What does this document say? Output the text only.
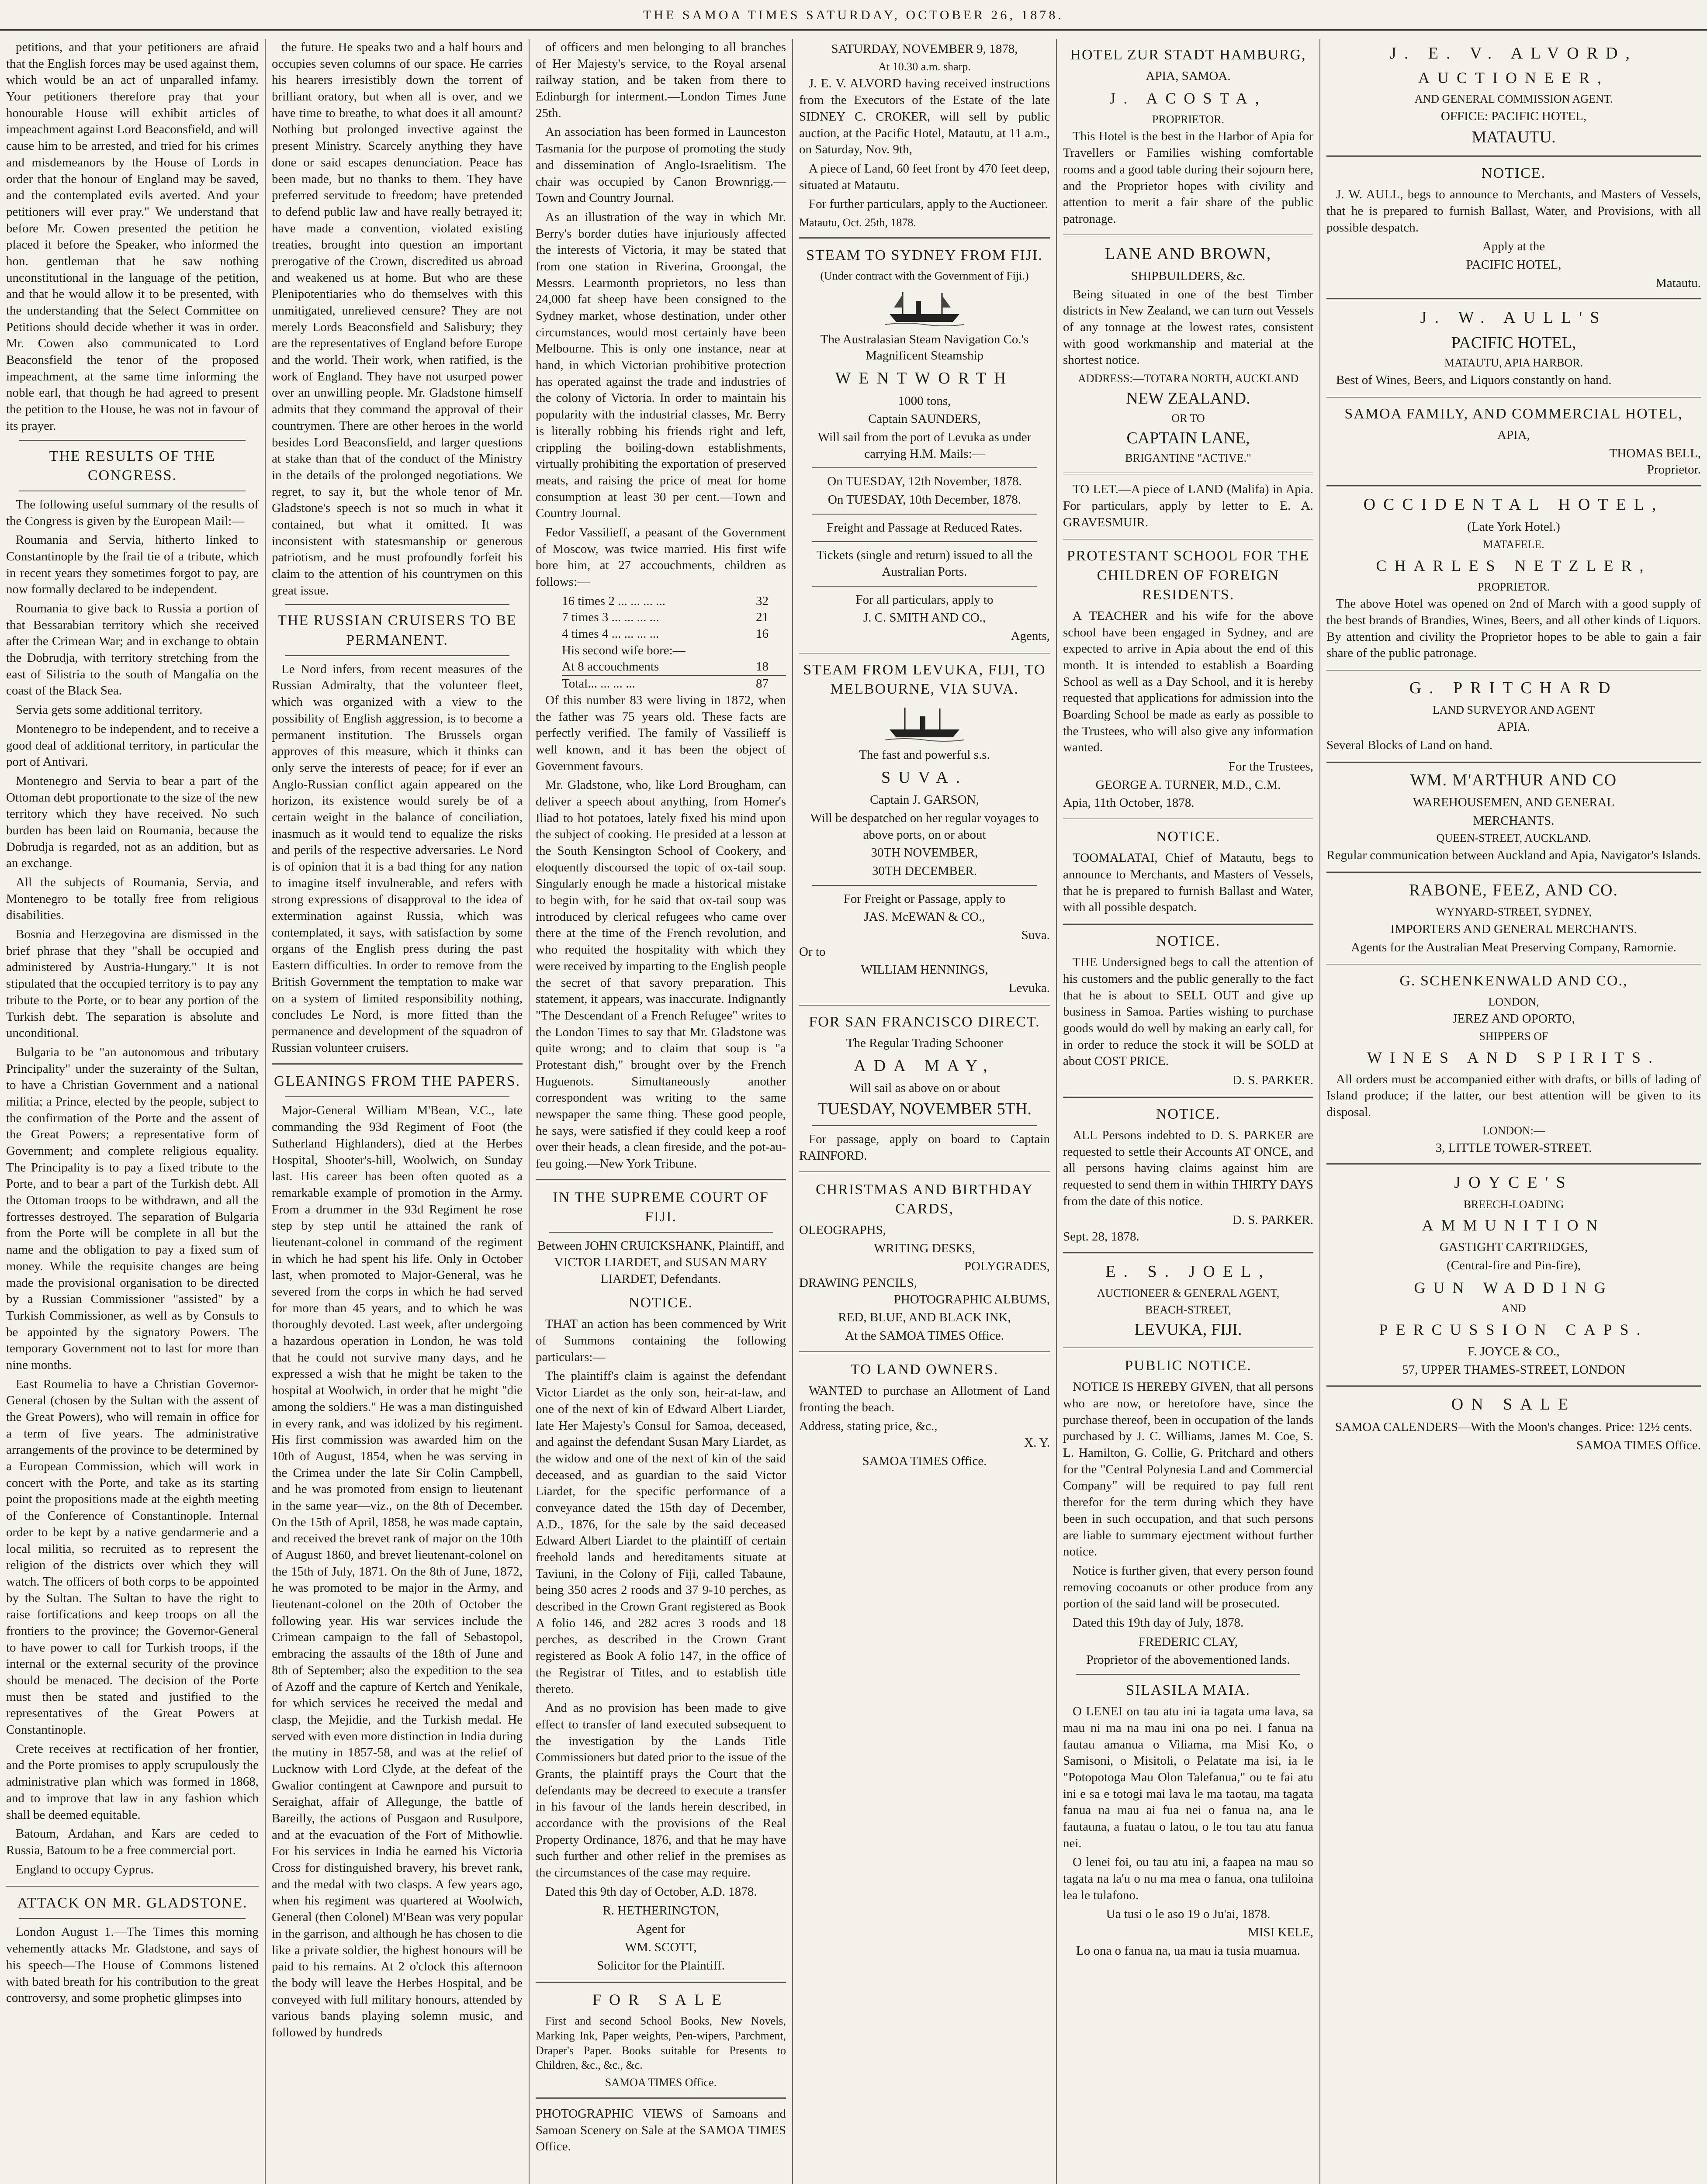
THE SAMOA TIMES SATURDAY, OCTOBER 26, 1878.

petitions, and that your petitioners are afraid that the English forces may be used against them, which would be an act of unparalled infamy. Your petitioners therefore pray that your honourable House will exhibit articles of impeachment against Lord Beaconsfield, and will cause him to be arrested, and tried for his crimes and misdemeanors by the House of Lords in order that the honour of England may be saved, and the contemplated evils averted. And your petitioners will ever pray." We understand that before Mr. Cowen presented the petition he placed it before the Speaker, who informed the hon. gentleman that he saw nothing unconstitutional in the language of the petition, and that he would allow it to be presented, with the understanding that the Select Committee on Petitions should decide whether it was in order. Mr. Cowen also communicated to Lord Beaconsfield the tenor of the proposed impeachment, at the same time informing the noble earl, that though he had agreed to present the petition to the House, he was not in favour of its prayer.

THE RESULTS OF THE CONGRESS.

The following useful summary of the results of the Congress is given by the European Mail:—

Roumania and Servia, hitherto linked to Constantinople by the frail tie of a tribute, which in recent years they sometimes forgot to pay, are now formally declared to be independent.

Roumania to give back to Russia a portion of that Bessarabian territory which she received after the Crimean War; and in exchange to obtain the Dobrudja, with territory stretching from the east of Silistria to the south of Mangalia on the coast of the Black Sea.

Servia gets some additional territory.

Montenegro to be independent, and to receive a good deal of additional territory, in particular the port of Antivari.

Montenegro and Servia to bear a part of the Ottoman debt proportionate to the size of the new territory which they have received. No such burden has been laid on Roumania, because the Dobrudja is regarded, not as an addition, but as an exchange.

All the subjects of Roumania, Servia, and Montenegro to be totally free from religious disabilities.

Bosnia and Herzegovina are dismissed in the brief phrase that they "shall be occupied and administered by Austria-Hungary." It is not stipulated that the occupied territory is to pay any tribute to the Porte, or to bear any portion of the Turkish debt. The separation is absolute and unconditional.

Bulgaria to be "an autonomous and tributary Principality" under the suzerainty of the Sultan, to have a Christian Government and a national militia; a Prince, elected by the people, subject to the confirmation of the Porte and the assent of the Great Powers; a representative form of Government; and complete religious equality. The Principality is to pay a fixed tribute to the Porte, and to bear a part of the Turkish debt. All the Ottoman troops to be withdrawn, and all the fortresses destroyed. The separation of Bulgaria from the Porte will be complete in all but the name and the obligation to pay a fixed sum of money. While the requisite changes are being made the provisional organisation to be directed by a Russian Commissioner "assisted" by a Turkish Commissioner, as well as by Consuls to be appointed by the signatory Powers. The temporary Government not to last for more than nine months.

East Roumelia to have a Christian Governor-General (chosen by the Sultan with the assent of the Great Powers), who will remain in office for a term of five years. The administrative arrangements of the province to be determined by a European Commission, which will work in concert with the Porte, and take as its starting point the propositions made at the eighth meeting of the Conference of Constantinople. Internal order to be kept by a native gendarmerie and a local militia, so recruited as to represent the religion of the districts over which they will watch. The officers of both corps to be appointed by the Sultan. The Sultan to have the right to raise fortifications and keep troops on all the frontiers to the province; the Governor-General to have power to call for Turkish troops, if the internal or the external security of the province should be menaced. The decision of the Porte must then be stated and justified to the representatives of the Great Powers at Constantinople.

Crete receives at rectification of her frontier, and the Porte promises to apply scrupulously the administrative plan which was formed in 1868, and to improve that law in any fashion which shall be deemed equitable.

Batoum, Ardahan, and Kars are ceded to Russia, Batoum to be a free commercial port.

England to occupy Cyprus.

ATTACK ON MR. GLADSTONE.

London August 1.—The Times this morning vehemently attacks Mr. Gladstone, and says of his speech—The House of Commons listened with bated breath for his contribution to the great controversy, and some prophetic glimpses into

the future. He speaks two and a half hours and occupies seven columns of our space. He carries his hearers irresistibly down the torrent of brilliant oratory, but when all is over, and we have time to breathe, to what does it all amount? Nothing but prolonged invective against the present Ministry. Scarcely anything they have done or said escapes denunciation. Peace has been made, but no thanks to them. They have preferred servitude to freedom; have pretended to defend public law and have really betrayed it; have made a convention, violated existing treaties, brought into question an important prerogative of the Crown, discredited us abroad and weakened us at home. But who are these Plenipotentiaries who do themselves with this unmitigated, unrelieved censure? They are not merely Lords Beaconsfield and Salisbury; they are the representatives of England before Europe and the world. Their work, when ratified, is the work of England. They have not usurped power over an unwilling people. Mr. Gladstone himself admits that they command the approval of their countrymen. There are other heroes in the world besides Lord Beaconsfield, and larger questions at stake than that of the conduct of the Ministry in the details of the prolonged negotiations. We regret, to say it, but the whole tenor of Mr. Gladstone's speech is not so much in what it contained, but what it omitted. It was inconsistent with statesmanship or generous patriotism, and he must profoundly forfeit his claim to the attention of his countrymen on this great issue.

THE RUSSIAN CRUISERS TO BE PERMANENT.

Le Nord infers, from recent measures of the Russian Admiralty, that the volunteer fleet, which was organized with a view to the possibility of English aggression, is to become a permanent institution. The Brussels organ approves of this measure, which it thinks can only serve the interests of peace; for if ever an Anglo-Russian conflict again appeared on the horizon, its existence would surely be of a certain weight in the balance of conciliation, inasmuch as it would tend to equalize the risks and perils of the respective adversaries. Le Nord is of opinion that it is a bad thing for any nation to imagine itself invulnerable, and refers with strong expressions of disapproval to the idea of extermination against Russia, which was contemplated, it says, with satisfaction by some organs of the English press during the past Eastern difficulties. In order to remove from the British Government the temptation to make war on a system of limited responsibility nothing, concludes Le Nord, is more fitted than the permanence and development of the squadron of Russian volunteer cruisers.

GLEANINGS FROM THE PAPERS.

Major-General William M'Bean, V.C., late commanding the 93d Regiment of Foot (the Sutherland Highlanders), died at the Herbes Hospital, Shooter's-hill, Woolwich, on Sunday last. His career has been often quoted as a remarkable example of promotion in the Army. From a drummer in the 93d Regiment he rose step by step until he attained the rank of lieutenant-colonel in command of the regiment in which he had spent his life. Only in October last, when promoted to Major-General, was he severed from the corps in which he had served for more than 45 years, and to which he was thoroughly devoted. Last week, after undergoing a hazardous operation in London, he was told that he could not survive many days, and he expressed a wish that he might be taken to the hospital at Woolwich, in order that he might "die among the soldiers." He was a man distinguished in every rank, and was idolized by his regiment. His first commission was awarded him on the 10th of August, 1854, when he was serving in the Crimea under the late Sir Colin Campbell, and he was promoted from ensign to lieutenant in the same year—viz., on the 8th of December. On the 15th of April, 1858, he was made captain, and received the brevet rank of major on the 10th of August 1860, and brevet lieutenant-colonel on the 15th of July, 1871. On the 8th of June, 1872, he was promoted to be major in the Army, and lieutenant-colonel on the 20th of October the following year. His war services include the Crimean campaign to the fall of Sebastopol, embracing the assaults of the 18th of June and 8th of September; also the expedition to the sea of Azoff and the capture of Kertch and Yenikale, for which services he received the medal and clasp, the Mejidie, and the Turkish medal. He served with even more distinction in India during the mutiny in 1857-58, and was at the relief of Lucknow with Lord Clyde, at the defeat of the Gwalior contingent at Cawnpore and pursuit to Seraighat, affair of Allegunge, the battle of Bareilly, the actions of Pusgaon and Rusulpore, and at the evacuation of the Fort of Mithowlie. For his services in India he earned his Victoria Cross for distinguished bravery, his brevet rank, and the medal with two clasps. A few years ago, when his regiment was quartered at Woolwich, General (then Colonel) M'Bean was very popular in the garrison, and although he has chosen to die like a private soldier, the highest honours will be paid to his remains. At 2 o'clock this afternoon the body will leave the Herbes Hospital, and be conveyed with full military honours, attended by various bands playing solemn music, and followed by hundreds

of officers and men belonging to all branches of Her Majesty's service, to the Royal arsenal railway station, and be taken from there to Edinburgh for interment.—London Times June 25th.

An association has been formed in Launceston Tasmania for the purpose of promoting the study and dissemination of Anglo-Israelitism. The chair was occupied by Canon Brownrigg.—Town and Country Journal.

As an illustration of the way in which Mr. Berry's border duties have injuriously affected the interests of Victoria, it may be stated that from one station in Riverina, Groongal, the Messrs. Learmonth proprietors, no less than 24,000 fat sheep have been consigned to the Sydney market, whose destination, under other circumstances, would most certainly have been Melbourne. This is only one instance, near at hand, in which Victorian prohibitive protection has operated against the trade and industries of the colony of Victoria. In order to maintain his popularity with the industrial classes, Mr. Berry is literally robbing his friends right and left, crippling the boiling-down establishments, virtually prohibiting the exportation of preserved meats, and raising the price of meat for home consumption at least 30 per cent.—Town and Country Journal.

Fedor Vassilieff, a peasant of the Government of Moscow, was twice married. His first wife bore him, at 27 accouchments, children as follows:—

16 times 2 ... ... ... ...	32
7 times 3 ... ... ... ...	21
4 times 4 ... ... ... ...	16
His second wife bore:—
At 8 accouchments	18
Total... ... ... ...	87

Of this number 83 were living in 1872, when the father was 75 years old. These facts are perfectly verified. The family of Vassilieff is well known, and it has been the object of Government favours.

Mr. Gladstone, who, like Lord Brougham, can deliver a speech about anything, from Homer's Iliad to hot potatoes, lately fixed his mind upon the subject of cooking. He presided at a lesson at the South Kensington School of Cookery, and eloquently discoursed the topic of ox-tail soup. Singularly enough he made a historical mistake to begin with, for he said that ox-tail soup was introduced by clerical refugees who came over there at the time of the French revolution, and who requited the hospitality with which they were received by imparting to the English people the secret of that savory preparation. This statement, it appears, was inaccurate. Indignantly "The Descendant of a French Refugee" writes to the London Times to say that Mr. Gladstone was quite wrong; and to claim that soup is "a Protestant dish," brought over by the French Huguenots. Simultaneously another correspondent was writing to the same newspaper the same thing. These good people, he says, were satisfied if they could keep a roof over their heads, a clean fireside, and the pot-au-feu going.—New York Tribune.

IN THE SUPREME COURT OF FIJI.

Between JOHN CRUICKSHANK, Plaintiff, and VICTOR LIARDET, and SUSAN MARY LIARDET, Defendants.

NOTICE.

THAT an action has been commenced by Writ of Summons containing the following particulars:—

The plaintiff's claim is against the defendant Victor Liardet as the only son, heir-at-law, and one of the next of kin of Edward Albert Liardet, late Her Majesty's Consul for Samoa, deceased, and against the defendant Susan Mary Liardet, as the widow and one of the next of kin of the said deceased, and as guardian to the said Victor Liardet, for the specific performance of a conveyance dated the 15th day of December, A.D., 1876, for the sale by the said deceased Edward Albert Liardet to the plaintiff of certain freehold lands and hereditaments situate at Taviuni, in the Colony of Fiji, called Tabaune, being 350 acres 2 roods and 37 9-10 perches, as described in the Crown Grant registered as Book A folio 146, and 282 acres 3 roods and 18 perches, as described in the Crown Grant registered as Book A folio 147, in the office of the Registrar of Titles, and to establish title thereto.

And as no provision has been made to give effect to transfer of land executed subsequent to the investigation by the Lands Title Commissioners but dated prior to the issue of the Grants, the plaintiff prays the Court that the defendants may be decreed to execute a transfer in his favour of the lands herein described, in accordance with the provisions of the Real Property Ordinance, 1876, and that he may have such further and other relief in the premises as the circumstances of the case may require.

Dated this 9th day of October, A.D. 1878.

R. HETHERINGTON,
Agent for
WM. SCOTT,
Solicitor for the Plaintiff.
FOR SALE

First and second School Books, New Novels, Marking Ink, Paper weights, Pen-wipers, Parchment, Draper's Paper. Books suitable for Presents to Children, &c., &c., &c.

SAMOA TIMES Office.

PHOTOGRAPHIC VIEWS of Samoans and Samoan Scenery on Sale at the SAMOA TIMES Office.

SATURDAY, NOVEMBER 9, 1878,
At 10.30 a.m. sharp.

J. E. V. ALVORD having received instructions from the Executors of the Estate of the late SIDNEY C. CROKER, will sell by public auction, at the Pacific Hotel, Matautu, at 11 a.m., on Saturday, Nov. 9th,

A piece of Land, 60 feet front by 470 feet deep, situated at Matautu.

For further particulars, apply to the Auctioneer.

Matautu, Oct. 25th, 1878.
STEAM TO SYDNEY FROM FIJI.
(Under contract with the Government of Fiji.)
The Australasian Steam Navigation Co.'s Magnificent Steamship
WENTWORTH
1000 tons,
Captain SAUNDERS,
Will sail from the port of Levuka as under carrying H.M. Mails:—
On TUESDAY, 12th November, 1878.
On TUESDAY, 10th December, 1878.
Freight and Passage at Reduced Rates.
Tickets (single and return) issued to all the Australian Ports.
For all particulars, apply to
J. C. SMITH AND CO.,
Agents,
STEAM FROM LEVUKA, FIJI, TO MELBOURNE, VIA SUVA.
The fast and powerful s.s.
SUVA.
Captain J. GARSON,
Will be despatched on her regular voyages to above ports, on or about
30TH NOVEMBER,
30TH DECEMBER.
For Freight or Passage, apply to
JAS. McEWAN & CO.,
Suva.
Or to
WILLIAM HENNINGS,
Levuka.
FOR SAN FRANCISCO DIRECT.
The Regular Trading Schooner
ADA MAY,
Will sail as above on or about
TUESDAY, NOVEMBER 5TH.

For passage, apply on board to Captain RAINFORD.

CHRISTMAS AND BIRTHDAY CARDS,
OLEOGRAPHS,
WRITING DESKS,
POLYGRADES,
DRAWING PENCILS,
PHOTOGRAPHIC ALBUMS,
RED, BLUE, AND BLACK INK,
At the SAMOA TIMES Office.
TO LAND OWNERS.

WANTED to purchase an Allotment of Land fronting the beach.

Address, stating price, &c.,
X. Y.
SAMOA TIMES Office.
HOTEL ZUR STADT HAMBURG,
APIA, SAMOA.
J. ACOSTA,
PROPRIETOR.

This Hotel is the best in the Harbor of Apia for Travellers or Families wishing comfortable rooms and a good table during their sojourn here, and the Proprietor hopes with civility and attention to merit a fair share of the public patronage.

LANE AND BROWN,
SHIPBUILDERS, &c.

Being situated in one of the best Timber districts in New Zealand, we can turn out Vessels of any tonnage at the lowest rates, consistent with good workmanship and material at the shortest notice.

ADDRESS:—TOTARA NORTH, AUCKLAND
NEW ZEALAND.
OR TO
CAPTAIN LANE,
BRIGANTINE "ACTIVE."

TO LET.—A piece of LAND (Malifa) in Apia. For particulars, apply by letter to E. A. GRAVESMUIR.

PROTESTANT SCHOOL FOR THE CHILDREN OF FOREIGN RESIDENTS.

A TEACHER and his wife for the above school have been engaged in Sydney, and are expected to arrive in Apia about the end of this month. It is intended to establish a Boarding School as well as a Day School, and it is hereby requested that applications for admission into the Boarding School be made as early as possible to the Trustees, who will also give any information wanted.

For the Trustees,
GEORGE A. TURNER, M.D., C.M.
Apia, 11th October, 1878.
NOTICE.

TOOMALATAI, Chief of Matautu, begs to announce to Merchants, and Masters of Vessels, that he is prepared to furnish Ballast and Water, with all possible despatch.

NOTICE.

THE Undersigned begs to call the attention of his customers and the public generally to the fact that he is about to SELL OUT and give up business in Samoa. Parties wishing to purchase goods would do well by making an early call, for in order to reduce the stock it will be SOLD at about COST PRICE.

D. S. PARKER.
NOTICE.

ALL Persons indebted to D. S. PARKER are requested to settle their Accounts AT ONCE, and all persons having claims against him are requested to send them in within THIRTY DAYS from the date of this notice.

D. S. PARKER.
Sept. 28, 1878.
E. S. JOEL,
AUCTIONEER & GENERAL AGENT,
BEACH-STREET,
LEVUKA, FIJI.
PUBLIC NOTICE.

NOTICE IS HEREBY GIVEN, that all persons who are now, or heretofore have, since the purchase thereof, been in occupation of the lands purchased by J. C. Williams, James M. Coe, S. L. Hamilton, G. Collie, G. Pritchard and others for the "Central Polynesia Land and Commercial Company" will be required to pay full rent therefor for the term during which they have been in such occupation, and that such persons are liable to summary ejectment without further notice.

Notice is further given, that every person found removing cocoanuts or other produce from any portion of the said land will be prosecuted.

Dated this 19th day of July, 1878.

FREDERIC CLAY,
Proprietor of the abovementioned lands.
SILASILA MAIA.

O LENEI on tau atu ini ia tagata uma lava, sa mau ni ma na mau ini ona po nei. I fanua na fautau amanua o Viliama, ma Misi Ko, o Samisoni, o Misitoli, o Pelatate ma isi, ia le "Potopotoga Mau Olon Talefanua," ou te fai atu ini e sa e totogi mai lava le ma taotau, ma tagata fanua na mau ai fua nei o fanua na, ana le fautauna, a fuatau o latou, o le tou tau atu fanua nei.

O lenei foi, ou tau atu ini, a faapea na mau so tagata na la'u o nu ma mea o fanua, ona tuliloina lea le tulafono.

Ua tusi o le aso 19 o Ju'ai, 1878.
MISI KELE,
Lo ona o fanua na, ua mau ia tusia muamua.
J. E. V. ALVORD,
AUCTIONEER,
AND GENERAL COMMISSION AGENT.
OFFICE: PACIFIC HOTEL,
MATAUTU.
NOTICE.

J. W. AULL, begs to announce to Merchants, and Masters of Vessels, that he is prepared to furnish Ballast, Water, and Provisions, with all possible despatch.

Apply at the
PACIFIC HOTEL,
Matautu.
J. W. AULL'S
PACIFIC HOTEL,
MATAUTU, APIA HARBOR.

Best of Wines, Beers, and Liquors constantly on hand.

SAMOA FAMILY, AND COMMERCIAL HOTEL,
APIA,
THOMAS BELL,
Proprietor.
OCCIDENTAL HOTEL,
(Late York Hotel.)
MATAFELE.
CHARLES NETZLER,
PROPRIETOR.

The above Hotel was opened on 2nd of March with a good supply of the best brands of Brandies, Wines, Beers, and all other kinds of Liquors. By attention and civility the Proprietor hopes to be able to gain a fair share of the public patronage.

G. PRITCHARD
LAND SURVEYOR AND AGENT
APIA.
Several Blocks of Land on hand.
WM. M'ARTHUR AND CO
WAREHOUSEMEN, AND GENERAL
MERCHANTS.
QUEEN-STREET, AUCKLAND.
Regular communication between Auckland and Apia, Navigator's Islands.
RABONE, FEEZ, AND CO.
WYNYARD-STREET, SYDNEY,
IMPORTERS AND GENERAL MERCHANTS.
Agents for the Australian Meat Preserving Company, Ramornie.
G. SCHENKENWALD AND CO.,
LONDON,
JEREZ AND OPORTO,
SHIPPERS OF
WINES AND SPIRITS.

All orders must be accompanied either with drafts, or bills of lading of Island produce; if the latter, our best attention will be given to its disposal.

LONDON:—
3, LITTLE TOWER-STREET.
JOYCE'S
BREECH-LOADING
AMMUNITION
GASTIGHT CARTRIDGES,
(Central-fire and Pin-fire),
GUN WADDING
AND
PERCUSSION CAPS.
F. JOYCE & CO.,
57, UPPER THAMES-STREET, LONDON
ON SALE
SAMOA CALENDERS—With the Moon's changes. Price: 12½ cents.
SAMOA TIMES Office.
